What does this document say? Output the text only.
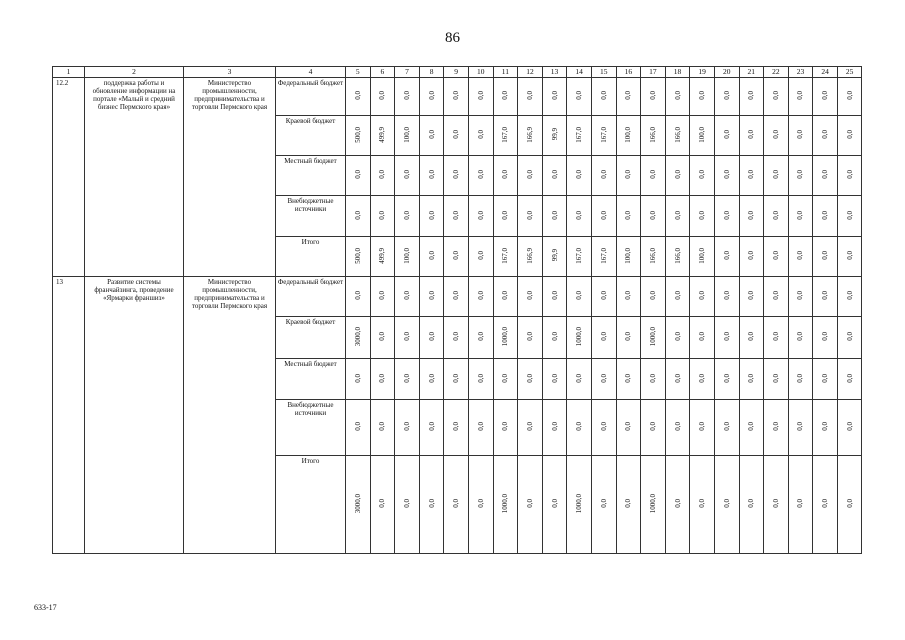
86
1	2	3	4	5	6	7	8	9	10	11	12	13	14	15	16	17	18	19	20	21	22	23	24	25
12.2	поддержка работы и обновление информации на портале «Малый и средний бизнес Пермского края»	Министерство промышленности, предпринимательства и торговли Пермского края	Федеральный бюджет	0,0	0,0	0,0	0,0	0,0	0,0	0,0	0,0	0,0	0,0	0,0	0,0	0,0	0,0	0,0	0,0	0,0	0,0	0,0	0,0	0,0
			Краевой бюджет	500,0	499,9	100,0	0,0	0,0	0,0	167,0	166,9	99,9	167,0	167,0	100,0	166,0	166,0	100,0	0,0	0,0	0,0	0,0	0,0	0,0
			Местный бюджет	0,0	0,0	0,0	0,0	0,0	0,0	0,0	0,0	0,0	0,0	0,0	0,0	0,0	0,0	0,0	0,0	0,0	0,0	0,0	0,0	0,0
			Внебюджетные источники	0,0	0,0	0,0	0,0	0,0	0,0	0,0	0,0	0,0	0,0	0,0	0,0	0,0	0,0	0,0	0,0	0,0	0,0	0,0	0,0	0,0
			Итого	500,0	499,9	100,0	0,0	0,0	0,0	167,0	166,9	99,9	167,0	167,0	100,0	166,0	166,0	100,0	0,0	0,0	0,0	0,0	0,0	0,0
13	Развитие системы франчайзинга, проведение «Ярмарки франшиз»	Министерство промышленности, предпринимательства и торговли Пермского края	Федеральный бюджет	0,0	0,0	0,0	0,0	0,0	0,0	0,0	0,0	0,0	0,0	0,0	0,0	0,0	0,0	0,0	0,0	0,0	0,0	0,0	0,0	0,0
			Краевой бюджет	3000,0	0,0	0,0	0,0	0,0	0,0	1000,0	0,0	0,0	1000,0	0,0	0,0	1000,0	0,0	0,0	0,0	0,0	0,0	0,0	0,0	0,0
			Местный бюджет	0,0	0,0	0,0	0,0	0,0	0,0	0,0	0,0	0,0	0,0	0,0	0,0	0,0	0,0	0,0	0,0	0,0	0,0	0,0	0,0	0,0
			Внебюджетные источники	0,0	0,0	0,0	0,0	0,0	0,0	0,0	0,0	0,0	0,0	0,0	0,0	0,0	0,0	0,0	0,0	0,0	0,0	0,0	0,0	0,0
			Итого	3000,0	0,0	0,0	0,0	0,0	0,0	1000,0	0,0	0,0	1000,0	0,0	0,0	1000,0	0,0	0,0	0,0	0,0	0,0	0,0	0,0	0,0
633-17
